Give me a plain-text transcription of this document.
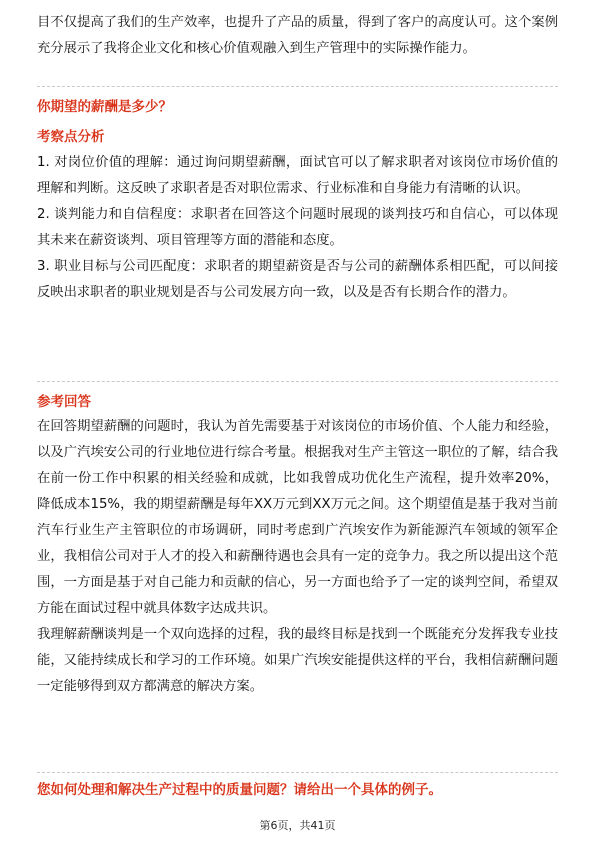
目不仅提高了我们的生产效率，也提升了产品的质量，得到了客户的高度认可。这个案例充分展示了我将企业文化和核心价值观融入到生产管理中的实际操作能力。

你期望的薪酬是多少？
考察点分析

1. 对岗位价值的理解：通过询问期望薪酬，面试官可以了解求职者对该岗位市场价值的理解和判断。这反映了求职者是否对职位需求、行业标准和自身能力有清晰的认识。

2. 谈判能力和自信程度：求职者在回答这个问题时展现的谈判技巧和自信心，可以体现其未来在薪资谈判、项目管理等方面的潜能和态度。

3. 职业目标与公司匹配度：求职者的期望薪资是否与公司的薪酬体系相匹配，可以间接反映出求职者的职业规划是否与公司发展方向一致，以及是否有长期合作的潜力。

参考回答

在回答期望薪酬的问题时，我认为首先需要基于对该岗位的市场价值、个人能力和经验，以及广汽埃安公司的行业地位进行综合考量。根据我对生产主管这一职位的了解，结合我在前一份工作中积累的相关经验和成就，比如我曾成功优化生产流程，提升效率20%，降低成本15%，我的期望薪酬是每年XX万元到XX万元之间。这个期望值是基于我对当前汽车行业生产主管职位的市场调研，同时考虑到广汽埃安作为新能源汽车领域的领军企业，我相信公司对于人才的投入和薪酬待遇也会具有一定的竞争力。我之所以提出这个范围，一方面是基于对自己能力和贡献的信心，另一方面也给予了一定的谈判空间，希望双方能在面试过程中就具体数字达成共识。

我理解薪酬谈判是一个双向选择的过程，我的最终目标是找到一个既能充分发挥我专业技能，又能持续成长和学习的工作环境。如果广汽埃安能提供这样的平台，我相信薪酬问题一定能够得到双方都满意的解决方案。

您如何处理和解决生产过程中的质量问题？请给出一个具体的例子。
第6页，共41页
